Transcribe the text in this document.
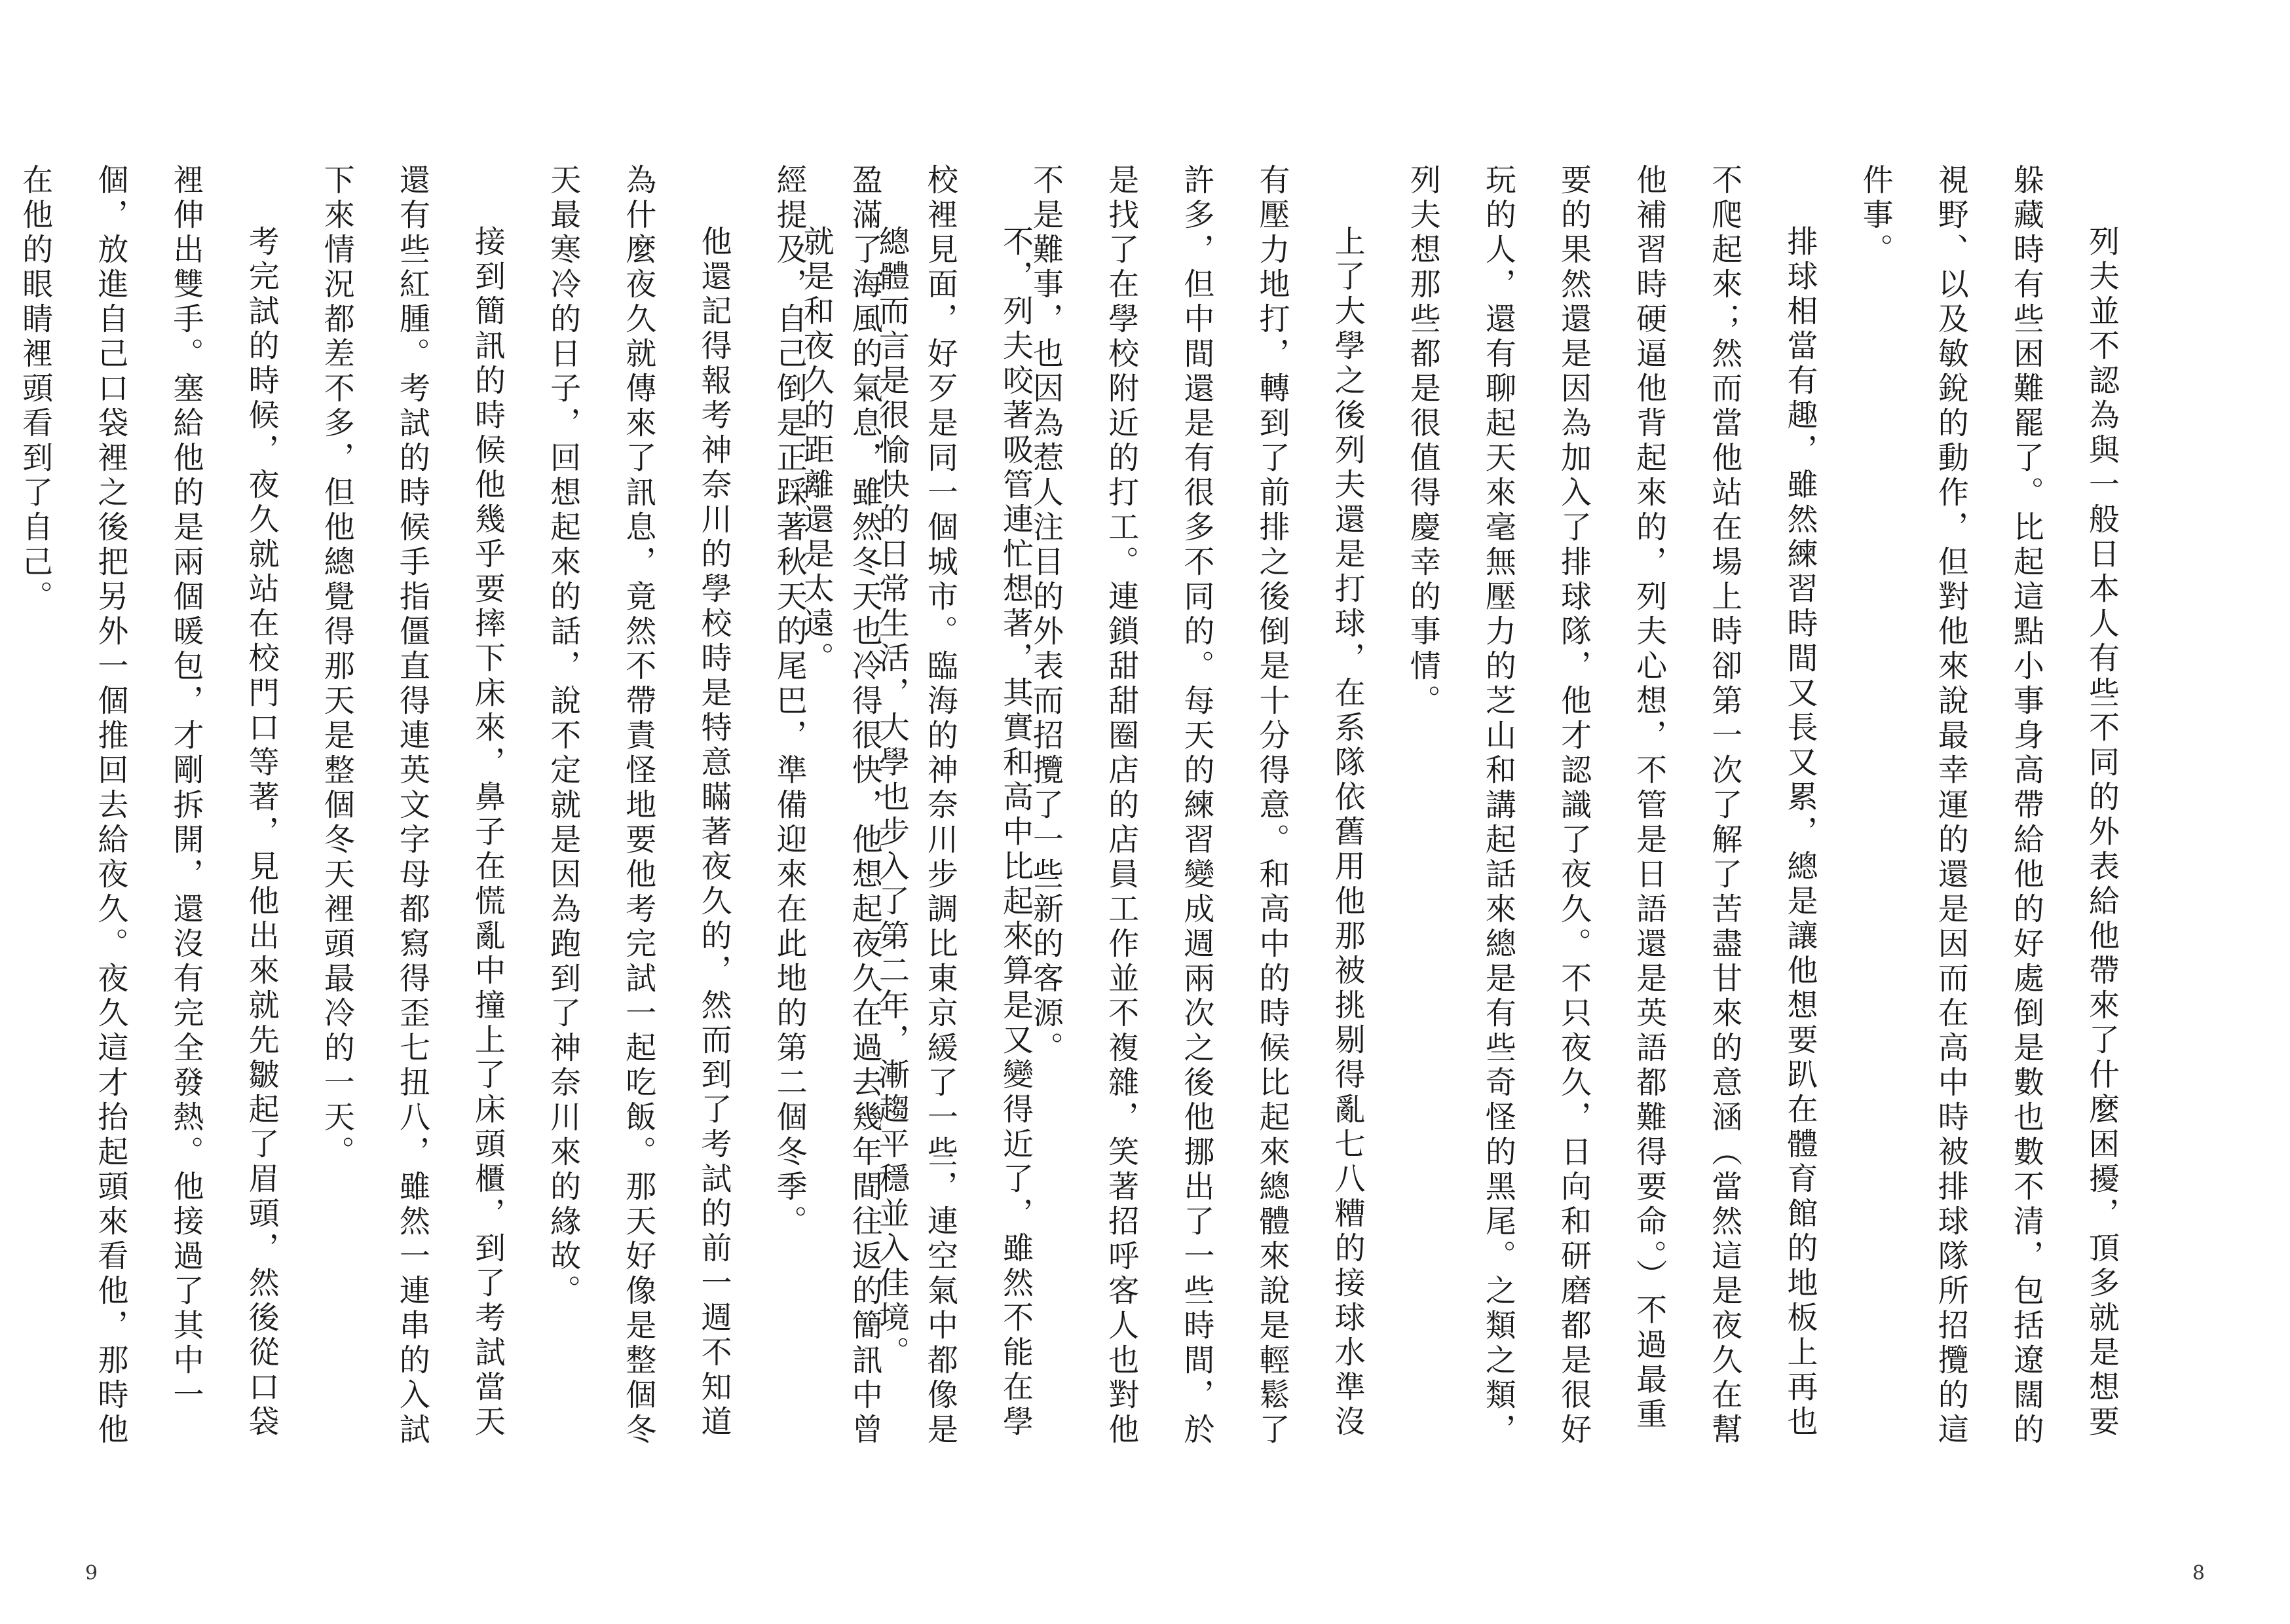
不，列夫咬著吸管連忙想著，其實和高中比起來算是又變得近了，雖然不能在學校裡見面，好歹是同一個城市。臨海的神奈川步調比東京緩了一些，連空氣中都像是盈滿了海風的氣息，雖然冬天也冷得很快，他想起夜久在過去幾年間往返的簡訊中曾經提及，自己倒是正踩著秋天的尾巴，準備迎來在此地的第二個冬季。

他還記得報考神奈川的學校時是特意瞞著夜久的，然而到了考試的前一週不知道為什麼夜久就傳來了訊息，竟然不帶責怪地要他考完試一起吃飯。那天好像是整個冬天最寒冷的日子，回想起來的話，說不定就是因為跑到了神奈川來的緣故。

接到簡訊的時候他幾乎要摔下床來，鼻子在慌亂中撞上了床頭櫃，到了考試當天還有些紅腫。考試的時候手指僵直得連英文字母都寫得歪七扭八，雖然一連串的入試下來情況都差不多，但他總覺得那天是整個冬天裡頭最冷的一天。

考完試的時候，夜久就站在校門口等著，見他出來就先皺起了眉頭，然後從口袋裡伸出雙手。塞給他的是兩個暖包，才剛拆開，還沒有完全發熱。他接過了其中一個，放進自己口袋裡之後把另外一個推回去給夜久。夜久這才抬起頭來看他，那時他在他的眼睛裡頭看到了自己。

9

列夫並不認為與一般日本人有些不同的外表給他帶來了什麼困擾，頂多就是想要躲藏時有些困難罷了。比起這點小事身高帶給他的好處倒是數也數不清，包括遼闊的視野、以及敏銳的動作，但對他來說最幸運的還是因而在高中時被排球隊所招攬的這件事。

排球相當有趣，雖然練習時間又長又累，總是讓他想要趴在體育館的地板上再也不爬起來；然而當他站在場上時卻第一次了解了苦盡甘來的意涵（當然這是夜久在幫他補習時硬逼他背起來的，列夫心想，不管是日語還是英語都難得要命。）不過最重要的果然還是因為加入了排球隊，他才認識了夜久。不只夜久，日向和研磨都是很好玩的人，還有聊起天來毫無壓力的芝山和講起話來總是有些奇怪的黑尾。之類之類，列夫想那些都是很值得慶幸的事情。

上了大學之後列夫還是打球，在系隊依舊用他那被挑剔得亂七八糟的接球水準沒有壓力地打，轉到了前排之後倒是十分得意。和高中的時候比起來總體來說是輕鬆了許多，但中間還是有很多不同的。每天的練習變成週兩次之後他挪出了一些時間，於是找了在學校附近的打工。連鎖甜甜圈店的店員工作並不複雜，笑著招呼客人也對他不是難事，也因為惹人注目的外表而招攬了一些新的客源。

總體而言是很愉快的日常生活，大學也步入了第二年，漸趨平穩並入佳境。

就是和夜久的距離還是太遠。

8
